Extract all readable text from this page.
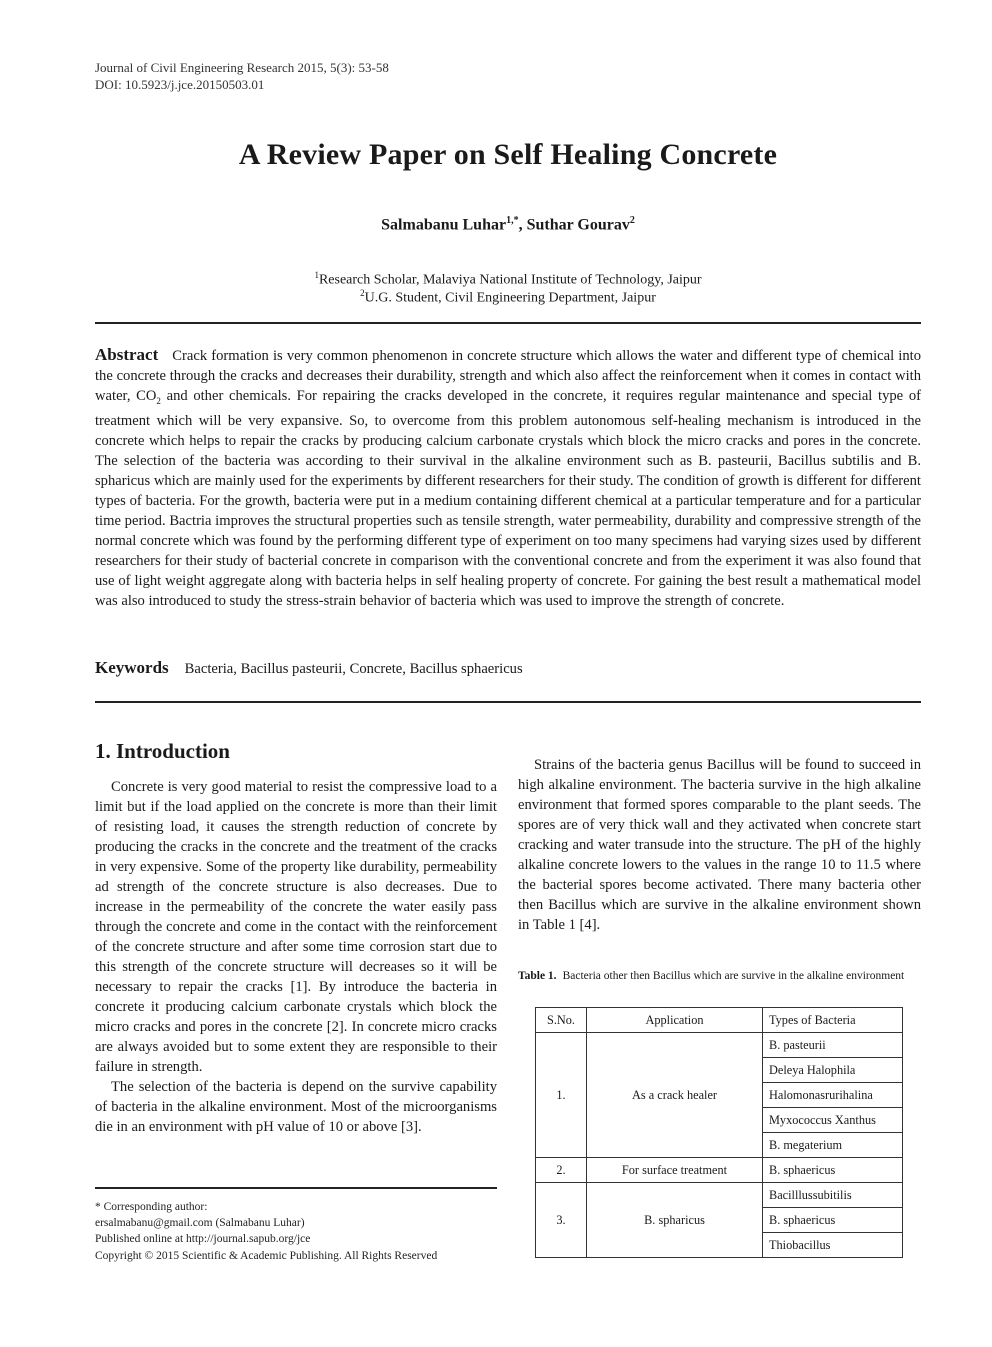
Journal of Civil Engineering Research 2015, 5(3): 53-58
DOI: 10.5923/j.jce.20150503.01
A Review Paper on Self Healing Concrete
Salmabanu Luhar$^{1,*}$, Suthar Gourav$^2$
$^1$Research Scholar, Malaviya National Institute of Technology, Jaipur
$^2$U.G. Student, Civil Engineering Department, Jaipur
Abstract Crack formation is very common phenomenon in concrete structure which allows the water and different type of chemical into the concrete through the cracks and decreases their durability, strength and which also affect the reinforcement when it comes in contact with water, $CO_2$ and other chemicals. For repairing the cracks developed in the concrete, it requires regular maintenance and special type of treatment which will be very expansive. So, to overcome from this problem autonomous self-healing mechanism is introduced in the concrete which helps to repair the cracks by producing calcium carbonate crystals which block the micro cracks and pores in the concrete. The selection of the bacteria was according to their survival in the alkaline environment such as B. pasteurii, Bacillus subtilis and B. spharicus which are mainly used for the experiments by different researchers for their study. The condition of growth is different for different types of bacteria. For the growth, bacteria were put in a medium containing different chemical at a particular temperature and for a particular time period. Bactria improves the structural properties such as tensile strength, water permeability, durability and compressive strength of the normal concrete which was found by the performing different type of experiment on too many specimens had varying sizes used by different researchers for their study of bacterial concrete in comparison with the conventional concrete and from the experiment it was also found that use of light weight aggregate along with bacteria helps in self healing property of concrete. For gaining the best result a mathematical model was also introduced to study the stress-strain behavior of bacteria which was used to improve the strength of concrete.
Keywords Bacteria, Bacillus pasteurii, Concrete, Bacillus sphaericus
1. Introduction

Concrete is very good material to resist the compressive load to a limit but if the load applied on the concrete is more than their limit of resisting load, it causes the strength reduction of concrete by producing the cracks in the concrete and the treatment of the cracks in very expensive. Some of the property like durability, permeability ad strength of the concrete structure is also decreases. Due to increase in the permeability of the concrete the water easily pass through the concrete and come in the contact with the reinforcement of the concrete structure and after some time corrosion start due to this strength of the concrete structure will decreases so it will be necessary to repair the cracks [1]. By introduce the bacteria in concrete it producing calcium carbonate crystals which block the micro cracks and pores in the concrete [2]. In concrete micro cracks are always avoided but to some extent they are responsible to their failure in strength.

The selection of the bacteria is depend on the survive capability of bacteria in the alkaline environment. Most of the microorganisms die in an environment with pH value of 10 or above [3].

* Corresponding author:
ersalmabanu@gmail.com (Salmabanu Luhar)
Published online at http://journal.sapub.org/jce
Copyright © 2015 Scientific & Academic Publishing. All Rights Reserved

Strains of the bacteria genus Bacillus will be found to succeed in high alkaline environment. The bacteria survive in the high alkaline environment that formed spores comparable to the plant seeds. The spores are of very thick wall and they activated when concrete start cracking and water transude into the structure. The pH of the highly alkaline concrete lowers to the values in the range 10 to 11.5 where the bacterial spores become activated. There many bacteria other then Bacillus which are survive in the alkaline environment shown in Table 1 [4].

Table 1. Bacteria other then Bacillus which are survive in the alkaline environment
S.No.	Application	Types of Bacteria
1.	As a crack healer	B. pasteurii
		Deleya Halophila
		Halomonasrurihalina
		Myxococcus Xanthus
		B. megaterium
2.	For surface treatment	B. sphaericus
3.	B. spharicus	Bacilllussubitilis
		B. sphaericus
		Thiobacillus
